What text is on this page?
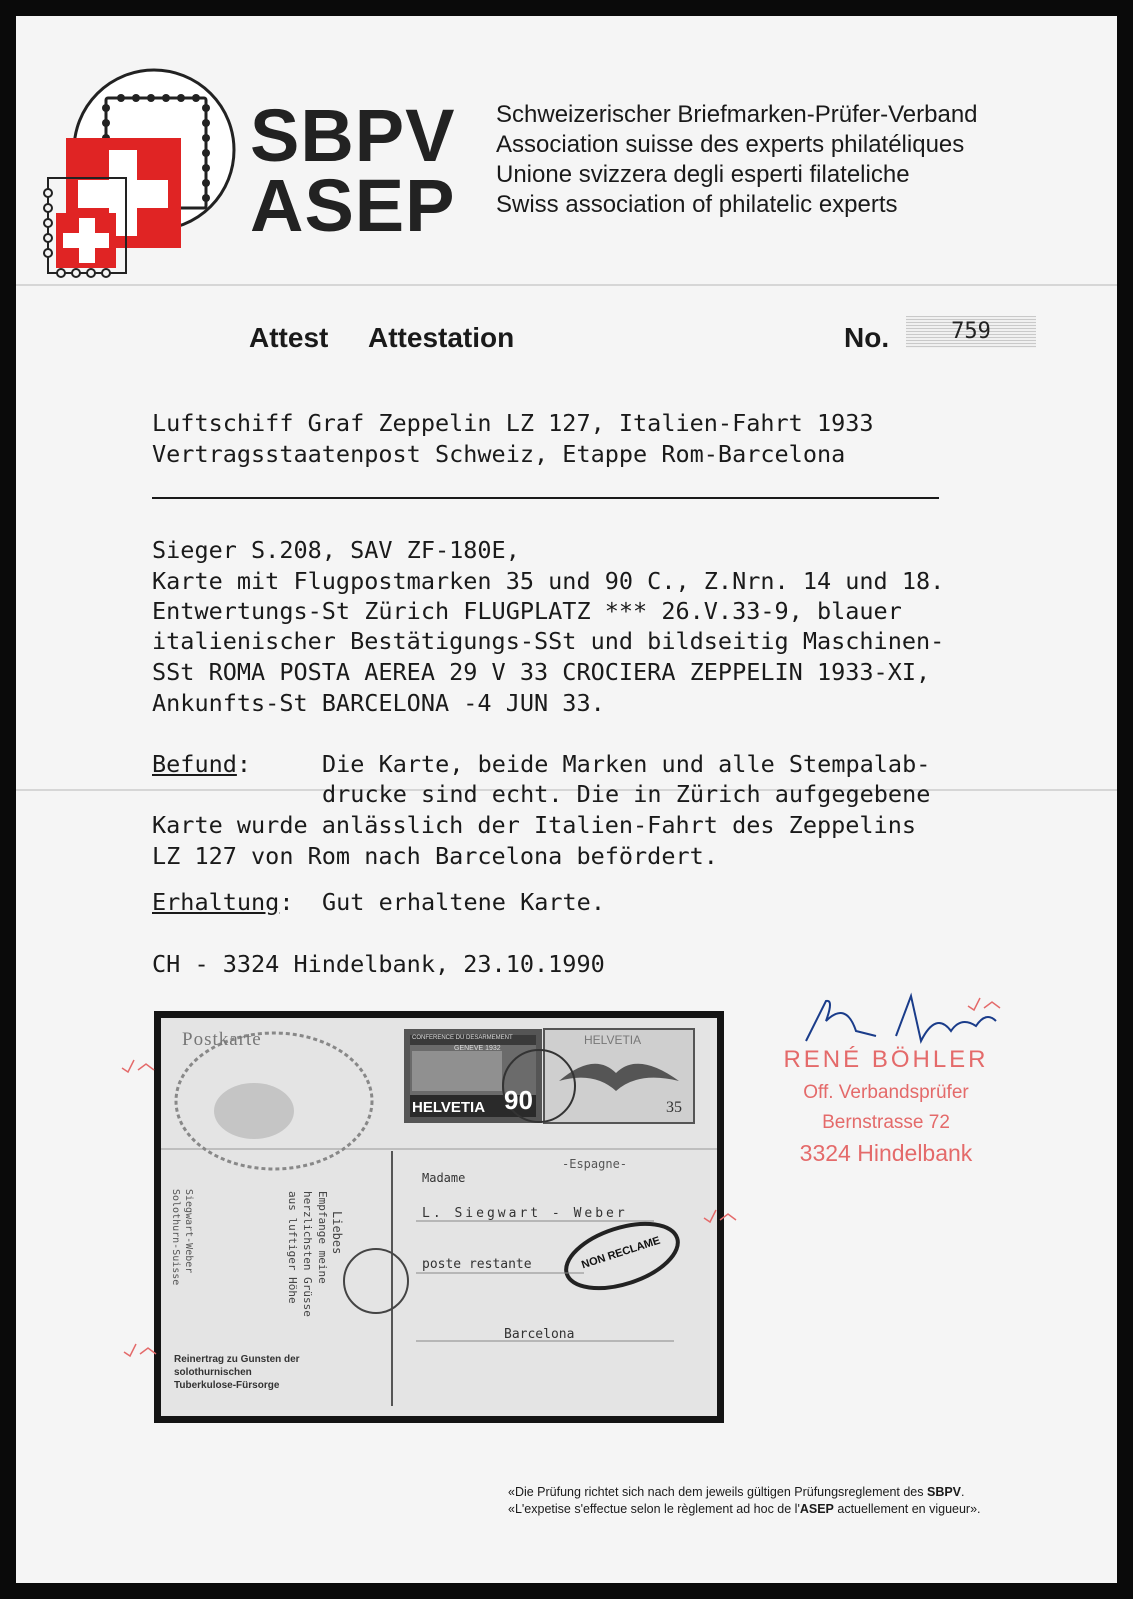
SBPV
ASEP
Schweizerischer Briefmarken-Prüfer-Verband
Association suisse des experts philatéliques
Unione svizzera degli esperti filateliche
Swiss association of philatelic experts
Attest Attestation	No.	759
Luftschiff Graf Zeppelin LZ 127, Italien-Fahrt 1933
Vertragsstaatenpost Schweiz, Etappe Rom-Barcelona
Sieger S.208, SAV ZF-180E,
Karte mit Flugpostmarken 35 und 90 C., Z.Nrn. 14 und 18.
Entwertungs-St Zürich FLUGPLATZ *** 26.V.33-9, blauer
italienischer Bestätigungs-SSt und bildseitig Maschinen-
SSt ROMA POSTA AEREA 29 V 33 CROCIERA ZEPPELIN 1933-XI,
Ankunfts-St BARCELONA -4 JUN 33.
Befund:	Die Karte, beide Marken und alle Stempalab-
drucke sind echt. Die in Zürich aufgegebene
Karte wurde anlässlich der Italien-Fahrt des Zeppelins
LZ 127 von Rom nach Barcelona befördert.
Erhaltung: Gut erhaltene Karte.
CH - 3324 Hindelbank, 23.10.1990
Postkarte	CONFERENCE DU DESARMEMENT
GENEVE 1932
HELVETIA 90
HELVETIA
35
Madame
-Espagne-
L. Siegwart - Weber
poste restante
Barcelona
NON RECLAME
Liebes
Empfange meine
herzlichsten Grüsse
aus luftiger Höhe
Siegwart-Weber
Solothurn-Suisse
Reinertrag zu Gunsten der
solothurnischen
Tuberkulose-Fürsorge
RENÉ BÖHLER
Off. Verbandsprüfer
Bernstrasse 72
3324 Hindelbank
«Die Prüfung richtet sich nach dem jeweils gültigen Prüfungsreglement des SBPV.
«L'expetise s'effectue selon le règlement ad hoc de l'ASEP actuellement en vigueur».
